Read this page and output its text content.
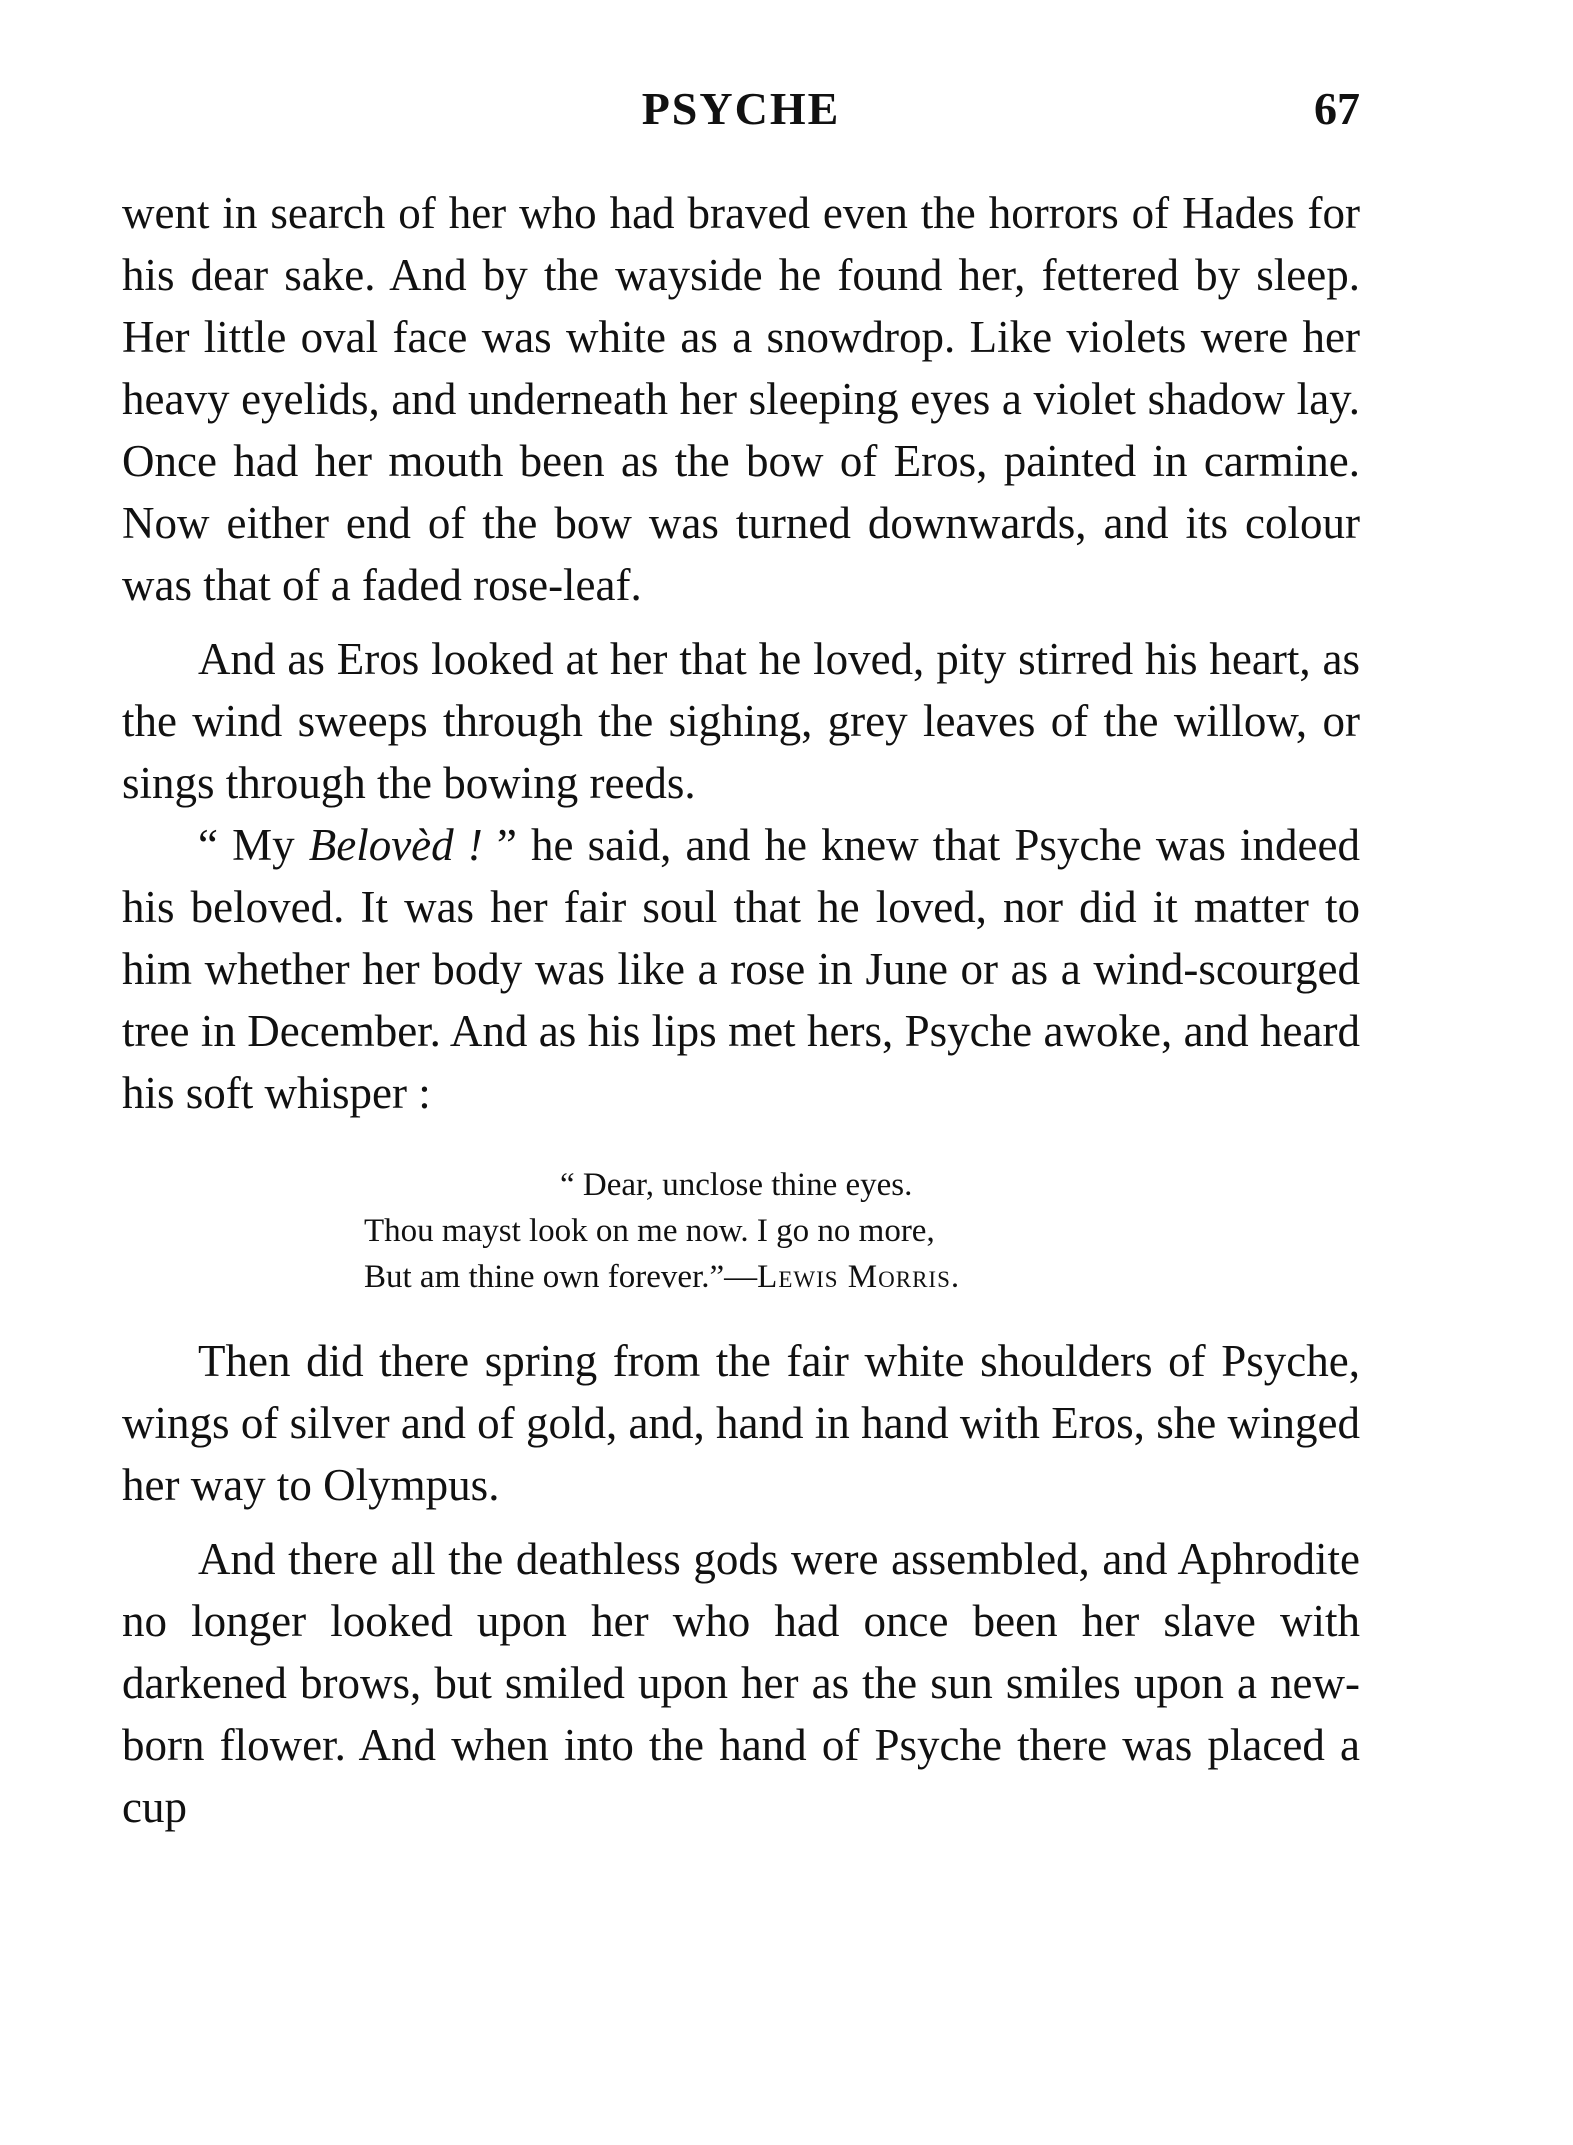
PSYCHE	67

went in search of her who had braved even the horrors of Hades for his dear sake. And by the wayside he found her, fettered by sleep. Her little oval face was white as a snowdrop. Like violets were her heavy eyelids, and underneath her sleeping eyes a violet shadow lay. Once had her mouth been as the bow of Eros, painted in carmine. Now either end of the bow was turned downwards, and its colour was that of a faded rose-leaf.

And as Eros looked at her that he loved, pity stirred his heart, as the wind sweeps through the sighing, grey leaves of the willow, or sings through the bowing reeds.

“ My Belovèd ! ” he said, and he knew that Psyche was indeed his beloved. It was her fair soul that he loved, nor did it matter to him whether her body was like a rose in June or as a wind-scourged tree in December. And as his lips met hers, Psyche awoke, and heard his soft whisper :

“ Dear, unclose thine eyes.
Thou mayst look on me now. I go no more,
But am thine own forever.”—Lewis Morris.

Then did there spring from the fair white shoulders of Psyche, wings of silver and of gold, and, hand in hand with Eros, she winged her way to Olympus.

And there all the deathless gods were assembled, and Aphrodite no longer looked upon her who had once been her slave with darkened brows, but smiled upon her as the sun smiles upon a new-born flower. And when into the hand of Psyche there was placed a cup
